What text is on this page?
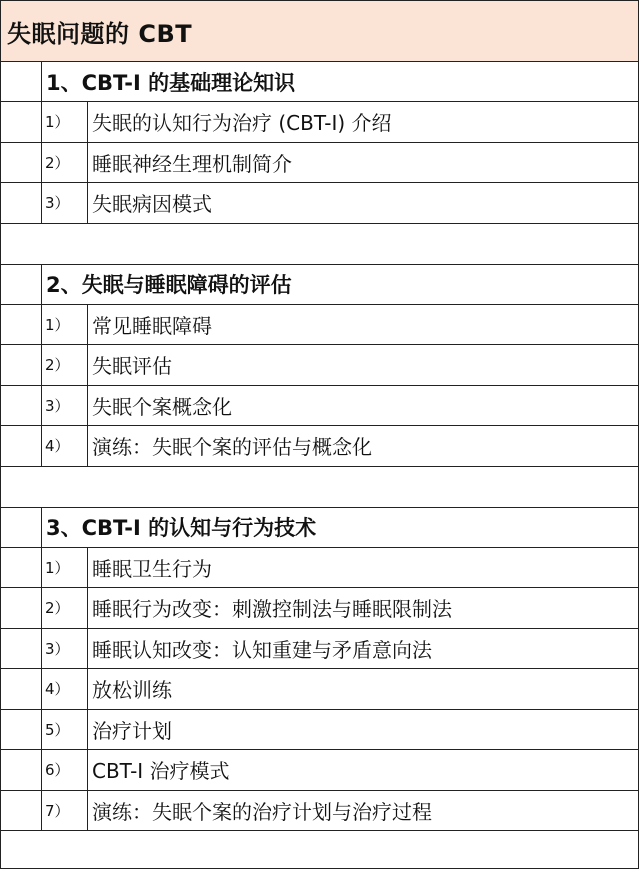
失眠问题的 CBT
1、CBT-I 的基础理论知识
1）	失眠的认知行为治疗 (CBT-I) 介绍
2）	睡眠神经生理机制简介
3）	失眠病因模式
2、失眠与睡眠障碍的评估
1）	常见睡眠障碍
2）	失眠评估
3）	失眠个案概念化
4）	演练：失眠个案的评估与概念化
3、CBT-I 的认知与行为技术
1）	睡眠卫生行为
2）	睡眠行为改变：刺激控制法与睡眠限制法
3）	睡眠认知改变：认知重建与矛盾意向法
4）	放松训练
5）	治疗计划
6）	CBT-I 治疗模式
7）	演练：失眠个案的治疗计划与治疗过程
